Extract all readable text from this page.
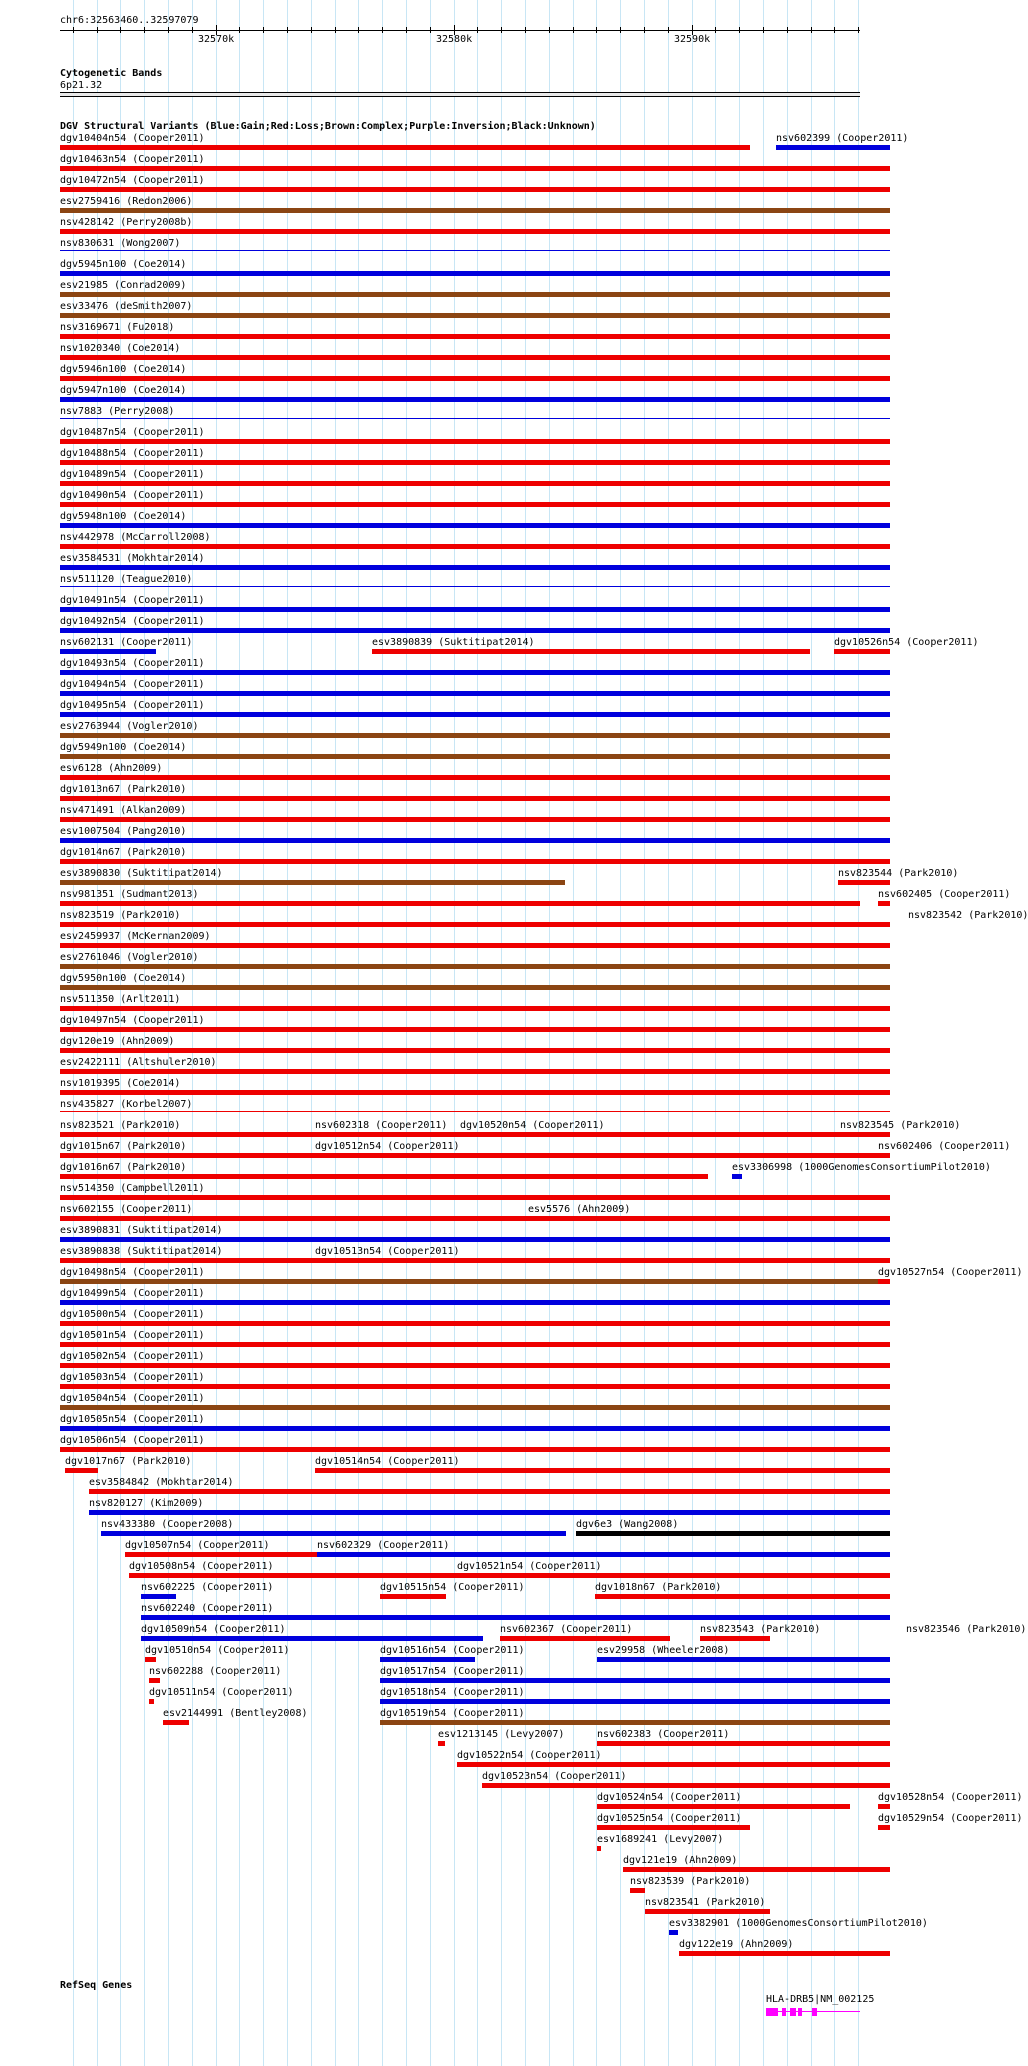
chr6:32563460..32597079
32570k	32580k	32590k
Cytogenetic Bands
6p21.32
DGV Structural Variants (Blue:Gain;Red:Loss;Brown:Complex;Purple:Inversion;Black:Unknown)
dgv10404n54 (Cooper2011)	nsv602399 (Cooper2011)
dgv10463n54 (Cooper2011)
dgv10472n54 (Cooper2011)
esv2759416 (Redon2006)
nsv428142 (Perry2008b)
nsv830631 (Wong2007)
dgv5945n100 (Coe2014)
esv21985 (Conrad2009)
esv33476 (deSmith2007)
nsv3169671 (Fu2018)
nsv1020340 (Coe2014)
dgv5946n100 (Coe2014)
dgv5947n100 (Coe2014)
nsv7883 (Perry2008)
dgv10487n54 (Cooper2011)
dgv10488n54 (Cooper2011)
dgv10489n54 (Cooper2011)
dgv10490n54 (Cooper2011)
dgv5948n100 (Coe2014)
nsv442978 (McCarroll2008)
esv3584531 (Mokhtar2014)
nsv511120 (Teague2010)
dgv10491n54 (Cooper2011)
dgv10492n54 (Cooper2011)
nsv602131 (Cooper2011)	esv3890839 (Suktitipat2014)	dgv10526n54 (Cooper2011)
dgv10493n54 (Cooper2011)
dgv10494n54 (Cooper2011)
dgv10495n54 (Cooper2011)
esv2763944 (Vogler2010)
dgv5949n100 (Coe2014)
esv6128 (Ahn2009)
dgv1013n67 (Park2010)
nsv471491 (Alkan2009)
esv1007504 (Pang2010)
dgv1014n67 (Park2010)
esv3890830 (Suktitipat2014)	nsv823544 (Park2010)
nsv981351 (Sudmant2013)	nsv602405 (Cooper2011)
nsv823519 (Park2010)	nsv823542 (Park2010)
esv2459937 (McKernan2009)
esv2761046 (Vogler2010)
dgv5950n100 (Coe2014)
nsv511350 (Arlt2011)
dgv10497n54 (Cooper2011)
dgv120e19 (Ahn2009)
esv2422111 (Altshuler2010)
nsv1019395 (Coe2014)
nsv435827 (Korbel2007)
nsv823521 (Park2010)	nsv602318 (Cooper2011) dgv10520n54 (Cooper2011)	nsv823545 (Park2010)
dgv1015n67 (Park2010)	dgv10512n54 (Cooper2011)	nsv602406 (Cooper2011)
dgv1016n67 (Park2010)	esv3306998 (1000GenomesConsortiumPilot2010)
nsv514350 (Campbell2011)
nsv602155 (Cooper2011)	esv5576 (Ahn2009)
esv3890831 (Suktitipat2014)
esv3890838 (Suktitipat2014)	dgv10513n54 (Cooper2011)
dgv10498n54 (Cooper2011)	dgv10527n54 (Cooper2011)
dgv10499n54 (Cooper2011)
dgv10500n54 (Cooper2011)
dgv10501n54 (Cooper2011)
dgv10502n54 (Cooper2011)
dgv10503n54 (Cooper2011)
dgv10504n54 (Cooper2011)
dgv10505n54 (Cooper2011)
dgv10506n54 (Cooper2011)
dgv1017n67 (Park2010)	dgv10514n54 (Cooper2011)
esv3584842 (Mokhtar2014)
nsv820127 (Kim2009)
nsv433380 (Cooper2008)	dgv6e3 (Wang2008)
dgv10507n54 (Cooper2011)	nsv602329 (Cooper2011)
dgv10508n54 (Cooper2011)	dgv10521n54 (Cooper2011)
nsv602225 (Cooper2011)	dgv10515n54 (Cooper2011)	dgv1018n67 (Park2010)
nsv602240 (Cooper2011)
dgv10509n54 (Cooper2011)	nsv602367 (Cooper2011)	nsv823543 (Park2010)	nsv823546 (Park2010)
dgv10510n54 (Cooper2011)	dgv10516n54 (Cooper2011)	esv29958 (Wheeler2008)
nsv602288 (Cooper2011)	dgv10517n54 (Cooper2011)
dgv10511n54 (Cooper2011)	dgv10518n54 (Cooper2011)
esv2144991 (Bentley2008)	dgv10519n54 (Cooper2011)
esv1213145 (Levy2007)	nsv602383 (Cooper2011)
dgv10522n54 (Cooper2011)
dgv10523n54 (Cooper2011)
dgv10524n54 (Cooper2011)	dgv10528n54 (Cooper2011)
dgv10525n54 (Cooper2011)	dgv10529n54 (Cooper2011)
esv1689241 (Levy2007)
dgv121e19 (Ahn2009)
nsv823539 (Park2010)
nsv823541 (Park2010)
esv3382901 (1000GenomesConsortiumPilot2010)
dgv122e19 (Ahn2009)
RefSeq Genes
HLA-DRB5|NM_002125
